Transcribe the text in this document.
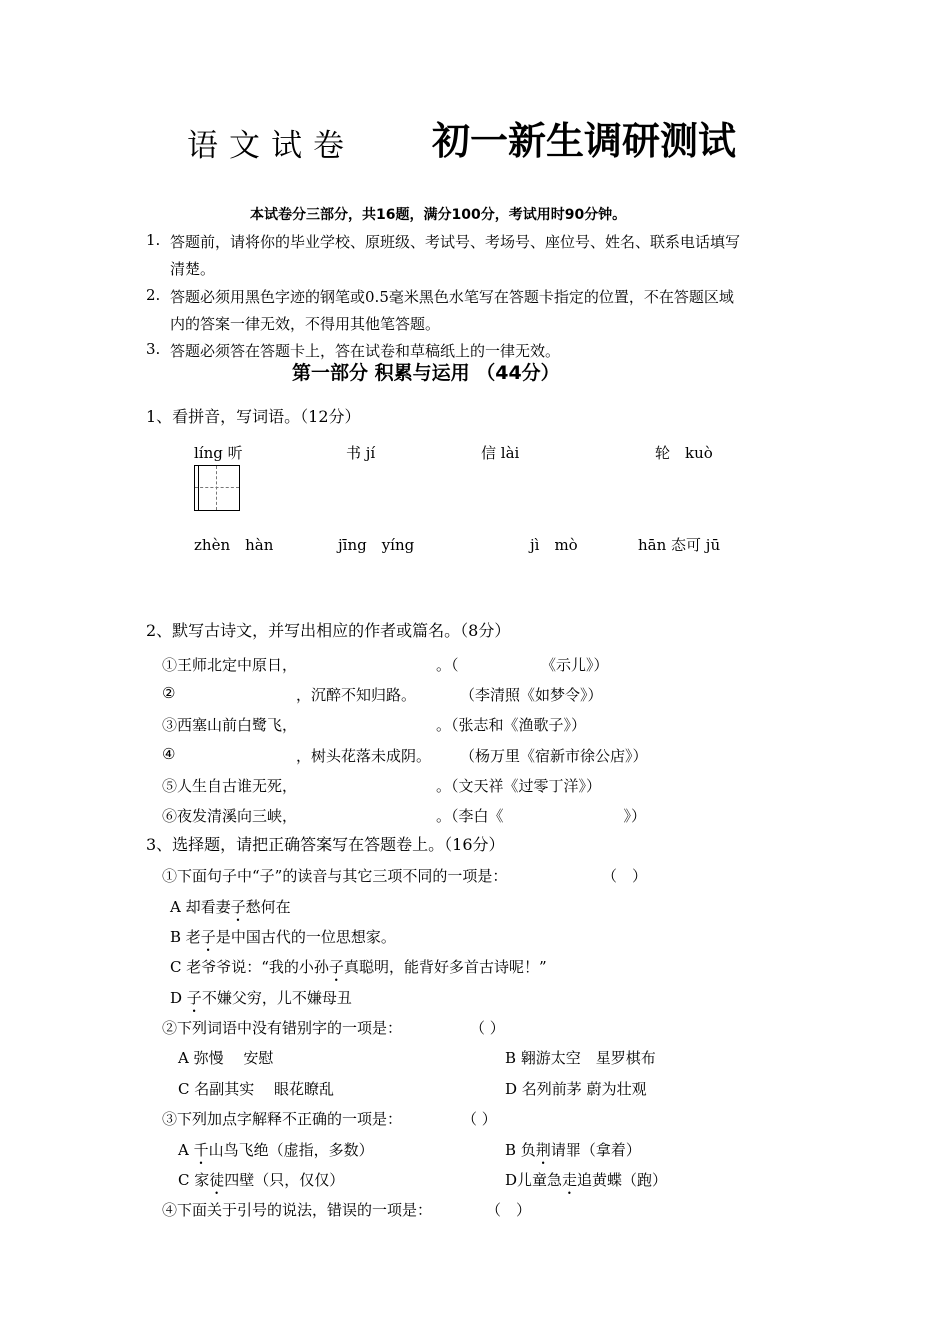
语文试卷 初一新生调研测试
本试卷分三部分，共16题，满分100分，考试用时90分钟。
1. 答题前，请将你的毕业学校、原班级、考试号、考场号、座位号、姓名、联系电话填写
清楚。
2. 答题必须用黑色字迹的钢笔或0.5毫米黑色水笔写在答题卡指定的位置，不在答题区域
内的答案一律无效，不得用其他笔答题。
3. 答题必须答在答题卡上，答在试卷和草稿纸上的一律无效。
第一部分 积累与运用 （44分）
1、看拼音，写词语。（12分）
líng 听	书 jí	信 lài	轮　kuò
zhèn　hàn	jīng　yíng	jì　mò	hān 态可 jū
2、默写古诗文，并写出相应的作者或篇名。（8分）
①王师北定中原日，	。（　　　　　　《示儿》）
②	，沉醉不知归路。	（李清照《如梦令》）
③西塞山前白鹭飞，	。（张志和《渔歌子》）
④	，树头花落未成阴。 （杨万里《宿新市徐公店》）
⑤人生自古谁无死，	。（文天祥《过零丁洋》）
⑥夜发清溪向三峡，	。（李白《　　　　　　　　》）
3、选择题，请把正确答案写在答题卷上。（16分）
①下面句子中“子”的读音与其它三项不同的一项是：	（　）
A 却看妻子愁何在
B 老子是中国古代的一位思想家。
C 老爷爷说：“我的小孙子真聪明，能背好多首古诗呢！”
D 子不嫌父穷，儿不嫌母丑
②下列词语中没有错别字的一项是：	（ ）
A 弥慢　 安慰	B 翱游太空　星罗棋布
C 名副其实　 眼花瞭乱	D 名列前茅 蔚为壮观
③下列加点字解释不正确的一项是：	（ ）
A 千山鸟飞绝（虚指，多数）	B 负荆请罪（拿着）
C 家徒四壁（只，仅仅）	D儿童急走追黄蝶（跑）
④下面关于引号的说法，错误的一项是：	（　）
